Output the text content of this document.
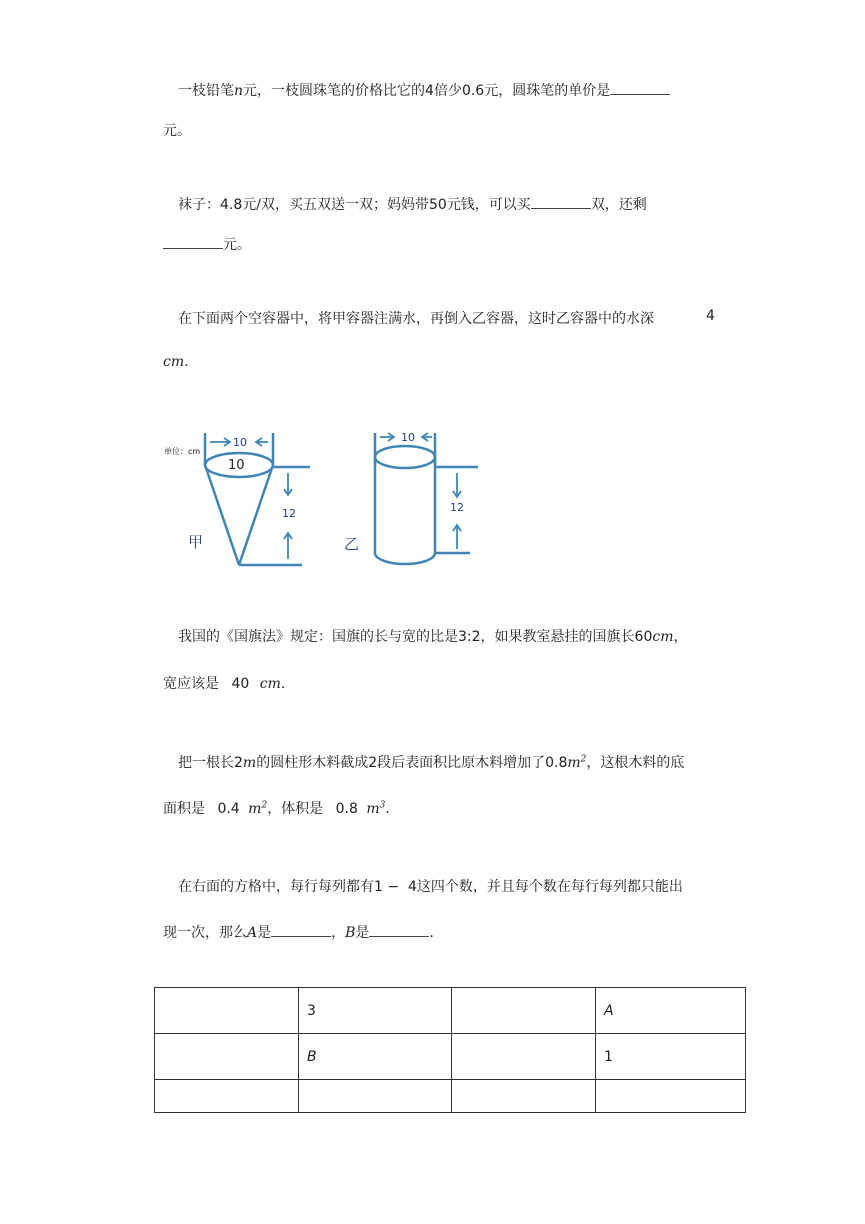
一枝铅笔n元，一枝圆珠笔的价格比它的4倍少0.6元，圆珠笔的单价是
元。
袜子：4.8元/双，买五双送一双；妈妈带50元钱，可以买	双，还剩
元。
在下面两个空容器中，将甲容器注满水，再倒入乙容器，这时乙容器中的水深	4
cm.
单位：cm
10
10
12
甲
10
12
乙
我国的《国旗法》规定：国旗的长与宽的比是3:2，如果教室悬挂的国旗长60cm，
宽应该是 40 cm.
把一根长2m的圆柱形木料截成2段后表面积比原木料增加了$0.8m^2$，这根木料的底
面积是 0.4 $m^2$，体积是 0.8 $m^3$.
在右面的方格中，每行每列都有1 −  4这四个数，并且每个数在每行每列都只能出
现一次，那么A是	，B是	.
	3		A
	B		1
